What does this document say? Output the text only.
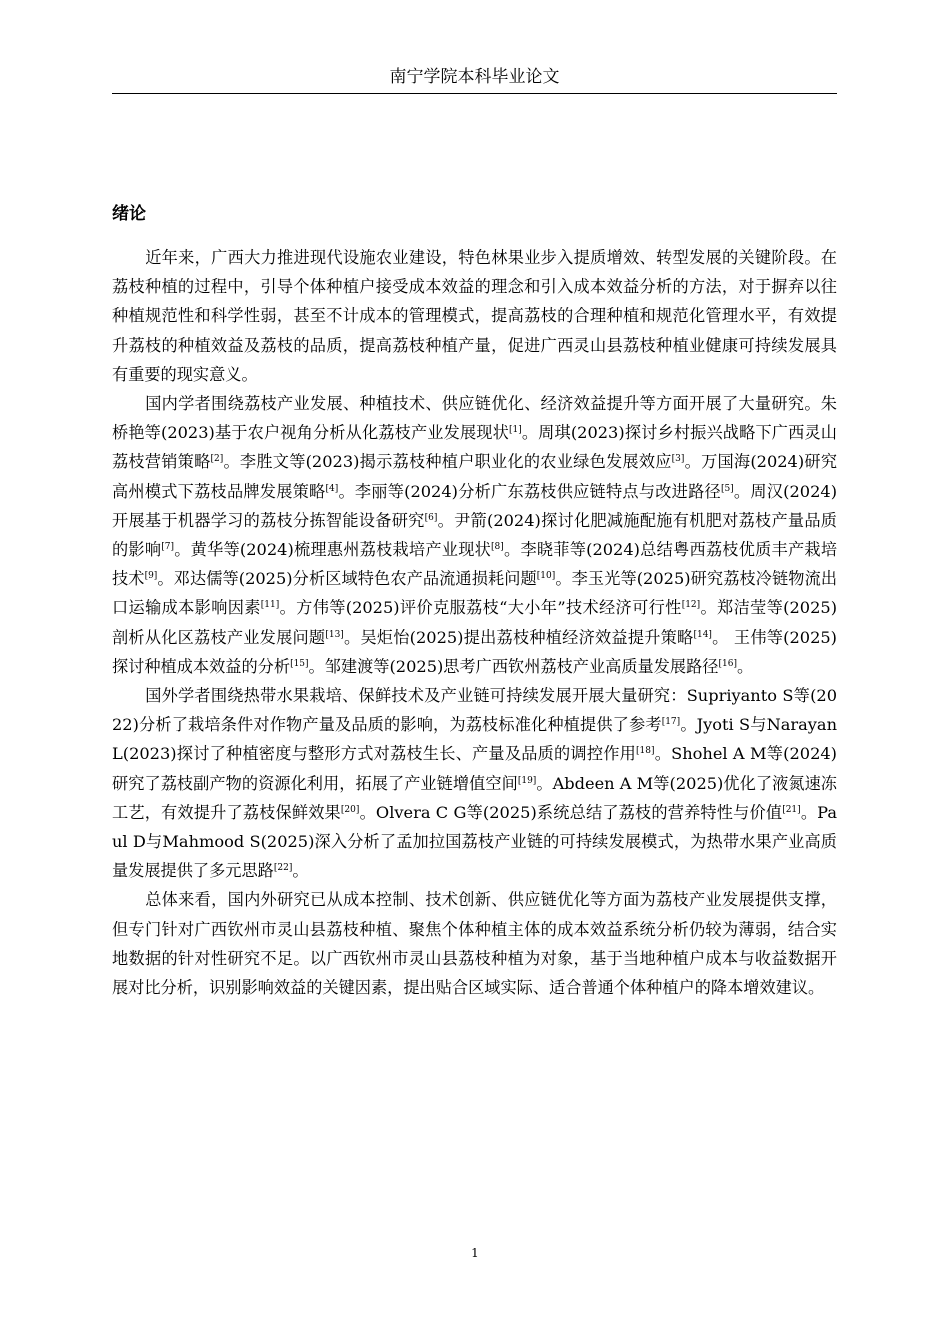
南宁学院本科毕业论文
绪论

近年来，广西大力推进现代设施农业建设，特色林果业步入提质增效、转型发展的关键阶段。在荔枝种植的过程中，引导个体种植户接受成本效益的理念和引入成本效益分析的方法，对于摒弃以往种植规范性和科学性弱，甚至不计成本的管理模式，提高荔枝的合理种植和规范化管理水平，有效提升荔枝的种植效益及荔枝的品质，提高荔枝种植产量，促进广西灵山县荔枝种植业健康可持续发展具有重要的现实意义。

国内学者围绕荔枝产业发展、种植技术、供应链优化、经济效益提升等方面开展了大量研究。朱桥艳等(2023)基于农户视角分析从化荔枝产业发展现状[1]。周琪(2023)探讨乡村振兴战略下广西灵山荔枝营销策略[2]。李胜文等(2023)揭示荔枝种植户职业化的农业绿色发展效应[3]。万国海(2024)研究高州模式下荔枝品牌发展策略[4]。李丽等(2024)分析广东荔枝供应链特点与改进路径[5]。周汉(2024)开展基于机器学习的荔枝分拣智能设备研究[6]。尹箭(2024)探讨化肥减施配施有机肥对荔枝产量品质的影响[7]。黄华等(2024)梳理惠州荔枝栽培产业现状[8]。李晓菲等(2024)总结粤西荔枝优质丰产栽培技术[9]。邓达儒等(2025)分析区域特色农产品流通损耗问题[10]。李玉光等(2025)研究荔枝冷链物流出口运输成本影响因素[11]。方伟等(2025)评价克服荔枝“大小年”技术经济可行性[12]。郑洁莹等(2025)剖析从化区荔枝产业发展问题[13]。吴炬怡(2025)提出荔枝种植经济效益提升策略[14]。 王伟等(2025)探讨种植成本效益的分析[15]。邹建渡等(2025)思考广西钦州荔枝产业高质量发展路径[16]。

国外学者围绕热带水果栽培、保鲜技术及产业链可持续发展开展大量研究：Supriyanto S等(2022)分析了栽培条件对作物产量及品质的影响，为荔枝标准化种植提供了参考[17]。Jyoti S与Narayan L(2023)探讨了种植密度与整形方式对荔枝生长、产量及品质的调控作用[18]。Shohel A M等(2024)研究了荔枝副产物的资源化利用，拓展了产业链增值空间[19]。Abdeen A M等(2025)优化了液氮速冻工艺，有效提升了荔枝保鲜效果[20]。Olvera C G等(2025)系统总结了荔枝的营养特性与价值[21]。Paul D与Mahmood S(2025)深入分析了孟加拉国荔枝产业链的可持续发展模式，为热带水果产业高质量发展提供了多元思路[22]。

总体来看，国内外研究已从成本控制、技术创新、供应链优化等方面为荔枝产业发展提供支撑，但专门针对广西钦州市灵山县荔枝种植、聚焦个体种植主体的成本效益系统分析仍较为薄弱，结合实地数据的针对性研究不足。以广西钦州市灵山县荔枝种植为对象，基于当地种植户成本与收益数据开展对比分析，识别影响效益的关键因素，提出贴合区域实际、适合普通个体种植户的降本增效建议。

1
